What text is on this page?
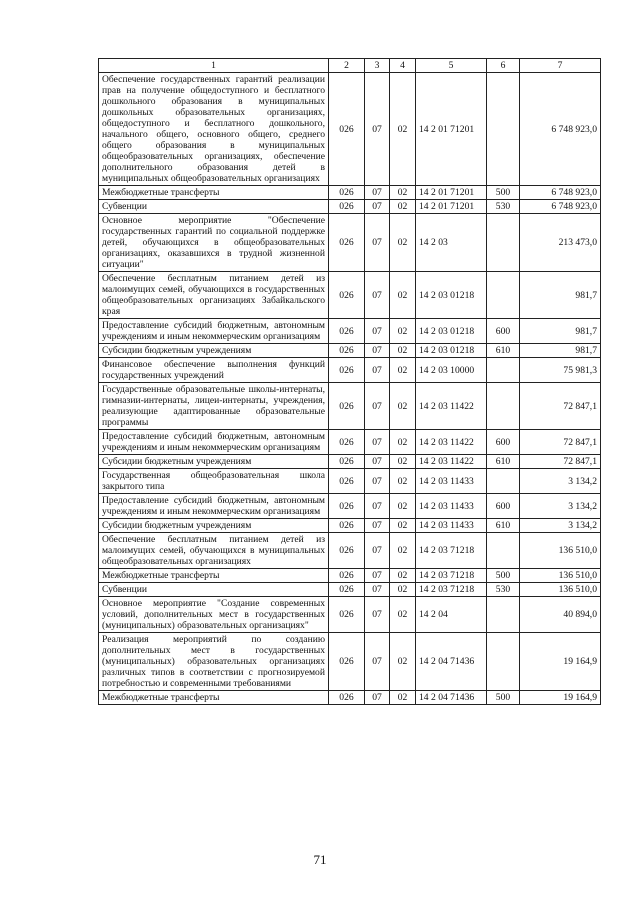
1	2	3	4	5	6	7
Обеспечение государственных гарантий реализации прав на получение общедоступного и бесплатного дошкольного образования в муниципальных дошкольных образовательных организациях, общедоступного и бесплатного дошкольного, начального общего, основного общего, среднего общего образования в муниципальных общеобразовательных организациях, обеспечение дополнительного образования детей в муниципальных общеобразовательных организациях	026	07	02	14 2 01 71201		6 748 923,0
Межбюджетные трансферты	026	07	02	14 2 01 71201	500	6 748 923,0
Субвенции	026	07	02	14 2 01 71201	530	6 748 923,0
Основное мероприятие "Обеспечение государственных гарантий по социальной поддержке детей, обучающихся в общеобразовательных организациях, оказавшихся в трудной жизненной ситуации"	026	07	02	14 2 03		213 473,0
Обеспечение бесплатным питанием детей из малоимущих семей, обучающихся в государственных общеобразовательных организациях Забайкальского края	026	07	02	14 2 03 01218		981,7
Предоставление субсидий бюджетным, автономным учреждениям и иным некоммерческим организациям	026	07	02	14 2 03 01218	600	981,7
Субсидии бюджетным учреждениям	026	07	02	14 2 03 01218	610	981,7
Финансовое обеспечение выполнения функций государственных учреждений	026	07	02	14 2 03 10000		75 981,3
Государственные образовательные школы-интернаты, гимназии-интернаты, лицеи-интернаты, учреждения, реализующие адаптированные образовательные программы	026	07	02	14 2 03 11422		72 847,1
Предоставление субсидий бюджетным, автономным учреждениям и иным некоммерческим организациям	026	07	02	14 2 03 11422	600	72 847,1
Субсидии бюджетным учреждениям	026	07	02	14 2 03 11422	610	72 847,1
Государственная общеобразовательная школа закрытого типа	026	07	02	14 2 03 11433		3 134,2
Предоставление субсидий бюджетным, автономным учреждениям и иным некоммерческим организациям	026	07	02	14 2 03 11433	600	3 134,2
Субсидии бюджетным учреждениям	026	07	02	14 2 03 11433	610	3 134,2
Обеспечение бесплатным питанием детей из малоимущих семей, обучающихся в муниципальных общеобразовательных организациях	026	07	02	14 2 03 71218		136 510,0
Межбюджетные трансферты	026	07	02	14 2 03 71218	500	136 510,0
Субвенции	026	07	02	14 2 03 71218	530	136 510,0
Основное мероприятие "Создание современных условий, дополнительных мест в государственных (муниципальных) образовательных организациях"	026	07	02	14 2 04		40 894,0
Реализация мероприятий по созданию дополнительных мест в государственных (муниципальных) образовательных организациях различных типов в соответствии с прогнозируемой потребностью и современными требованиями	026	07	02	14 2 04 71436		19 164,9
Межбюджетные трансферты	026	07	02	14 2 04 71436	500	19 164,9
71
